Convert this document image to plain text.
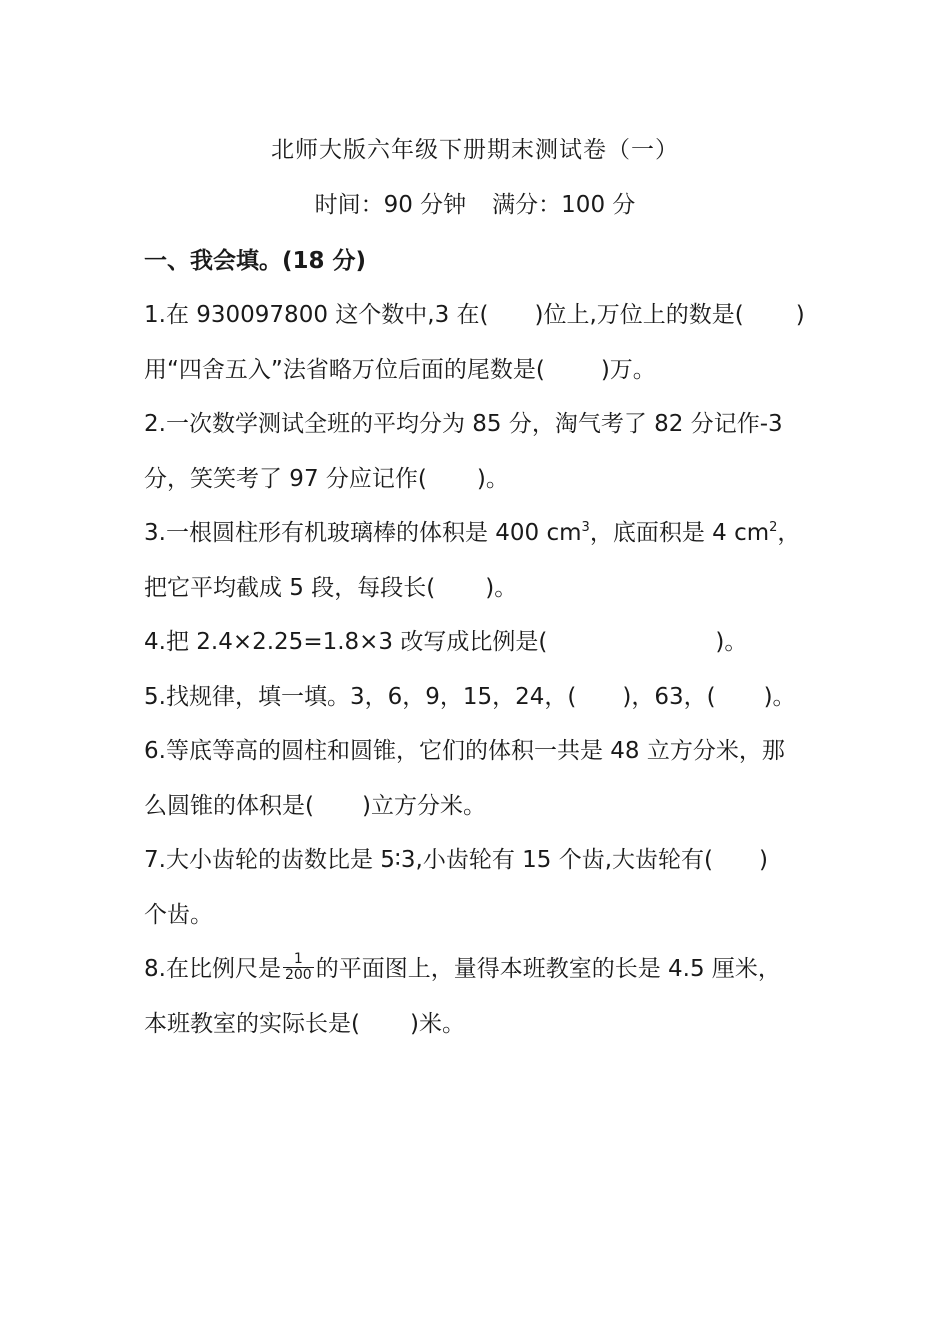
北师大版六年级下册期末测试卷（一）
时间：90 分钟 满分：100 分
一、我会填。(18 分)
1.在 930097800 这个数中,3 在( )位上,万位上的数是( )
用“四舍五入”法省略万位后面的尾数是( )万。
2.一次数学测试全班的平均分为 85 分，淘气考了 82 分记作-3
分，笑笑考了 97 分应记作( )。
3.一根圆柱形有机玻璃棒的体积是 400 $cm^3$，底面积是 4 $cm^2$，
把它平均截成 5 段，每段长( )。
4.把 2.4×2.25=1.8×3 改写成比例是(	)。
5.找规律，填一填。3，6，9，15，24，( )，63，( )。
6.等底等高的圆柱和圆锥，它们的体积一共是 48 立方分米，那
么圆锥的体积是( )立方分米。
7.大小齿轮的齿数比是 5∶3,小齿轮有 15 个齿,大齿轮有( )
个齿。
8.在比例尺是 $\frac{1}{200}$ 的平面图上，量得本班教室的长是 4.5 厘米，
本班教室的实际长是( )米。
